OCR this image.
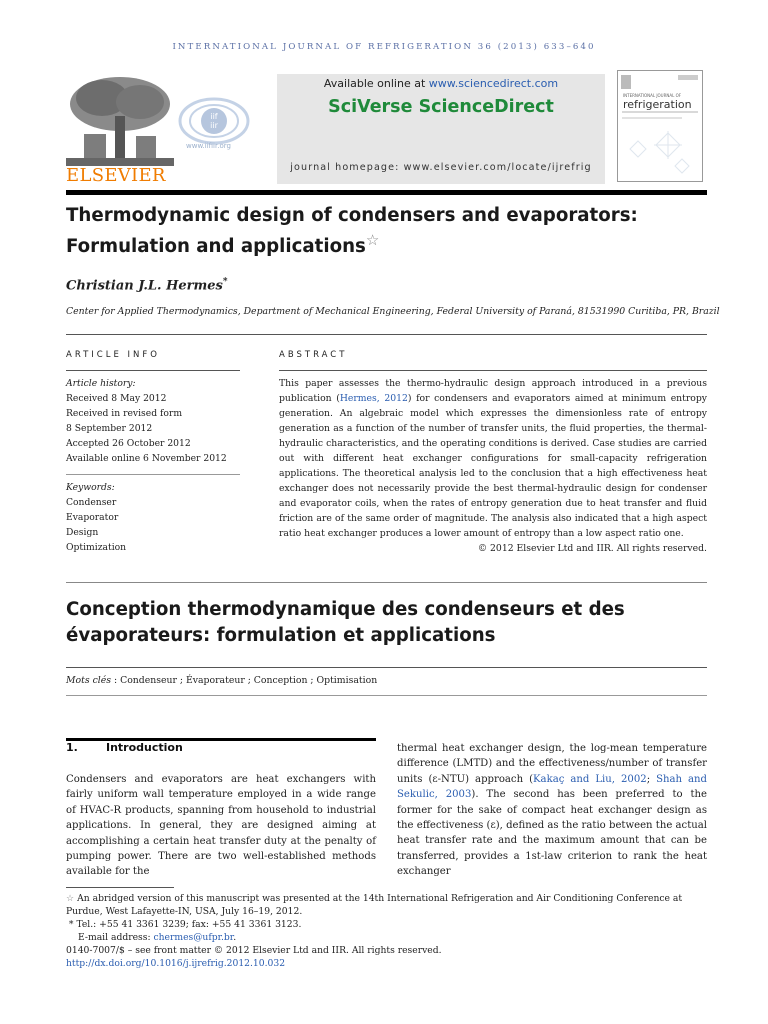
INTERNATIONAL JOURNAL OF REFRIGERATION 36 (2013) 633–640
ELSEVIER
iif
iir
www.iifiir.org
Available online at www.sciencedirect.com
SciVerse ScienceDirect
journal homepage: www.elsevier.com/locate/ijrefrig
INTERNATIONAL JOURNAL OF
refrigeration
Thermodynamic design of condensers and evaporators:
Formulation and applications☆
Christian J.L. Hermes*
Center for Applied Thermodynamics, Department of Mechanical Engineering, Federal University of Paraná, 81531990 Curitiba, PR, Brazil
ARTICLE INFO
Article history:
Received 8 May 2012
Received in revised form
8 September 2012
Accepted 26 October 2012
Available online 6 November 2012
Keywords:
Condenser
Evaporator
Design
Optimization
ABSTRACT
This paper assesses the thermo-hydraulic design approach introduced in a previous publication (Hermes, 2012) for condensers and evaporators aimed at minimum entropy generation. An algebraic model which expresses the dimensionless rate of entropy generation as a function of the number of transfer units, the fluid properties, the thermal-hydraulic characteristics, and the operating conditions is derived. Case studies are carried out with different heat exchanger configurations for small-capacity refrigeration applications. The theoretical analysis led to the conclusion that a high effectiveness heat exchanger does not necessarily provide the best thermal-hydraulic design for condenser and evaporator coils, when the rates of entropy generation due to heat transfer and fluid friction are of the same order of magnitude. The analysis also indicated that a high aspect ratio heat exchanger produces a lower amount of entropy than a low aspect ratio one.
© 2012 Elsevier Ltd and IIR. All rights reserved.
Conception thermodynamique des condenseurs et des
évaporateurs: formulation et applications
Mots clés : Condenseur ; Évaporateur ; Conception ; Optimisation
1.	Introduction
Condensers and evaporators are heat exchangers with fairly uniform wall temperature employed in a wide range of HVAC-R products, spanning from household to industrial applications. In general, they are designed aiming at accomplishing a certain heat transfer duty at the penalty of pumping power. There are two well-established methods available for the
thermal heat exchanger design, the log-mean temperature difference (LMTD) and the effectiveness/number of transfer units (ε-NTU) approach (Kakaç and Liu, 2002; Shah and Sekulic, 2003). The second has been preferred to the former for the sake of compact heat exchanger design as the effectiveness (ε), defined as the ratio between the actual heat transfer rate and the maximum amount that can be transferred, provides a 1st-law criterion to rank the heat exchanger
☆ An abridged version of this manuscript was presented at the 14th International Refrigeration and Air Conditioning Conference at Purdue, West Lafayette-IN, USA, July 16–19, 2012.
* Tel.: +55 41 3361 3239; fax: +55 41 3361 3123.
E-mail address: chermes@ufpr.br.
0140-7007/$ – see front matter © 2012 Elsevier Ltd and IIR. All rights reserved.
http://dx.doi.org/10.1016/j.ijrefrig.2012.10.032
